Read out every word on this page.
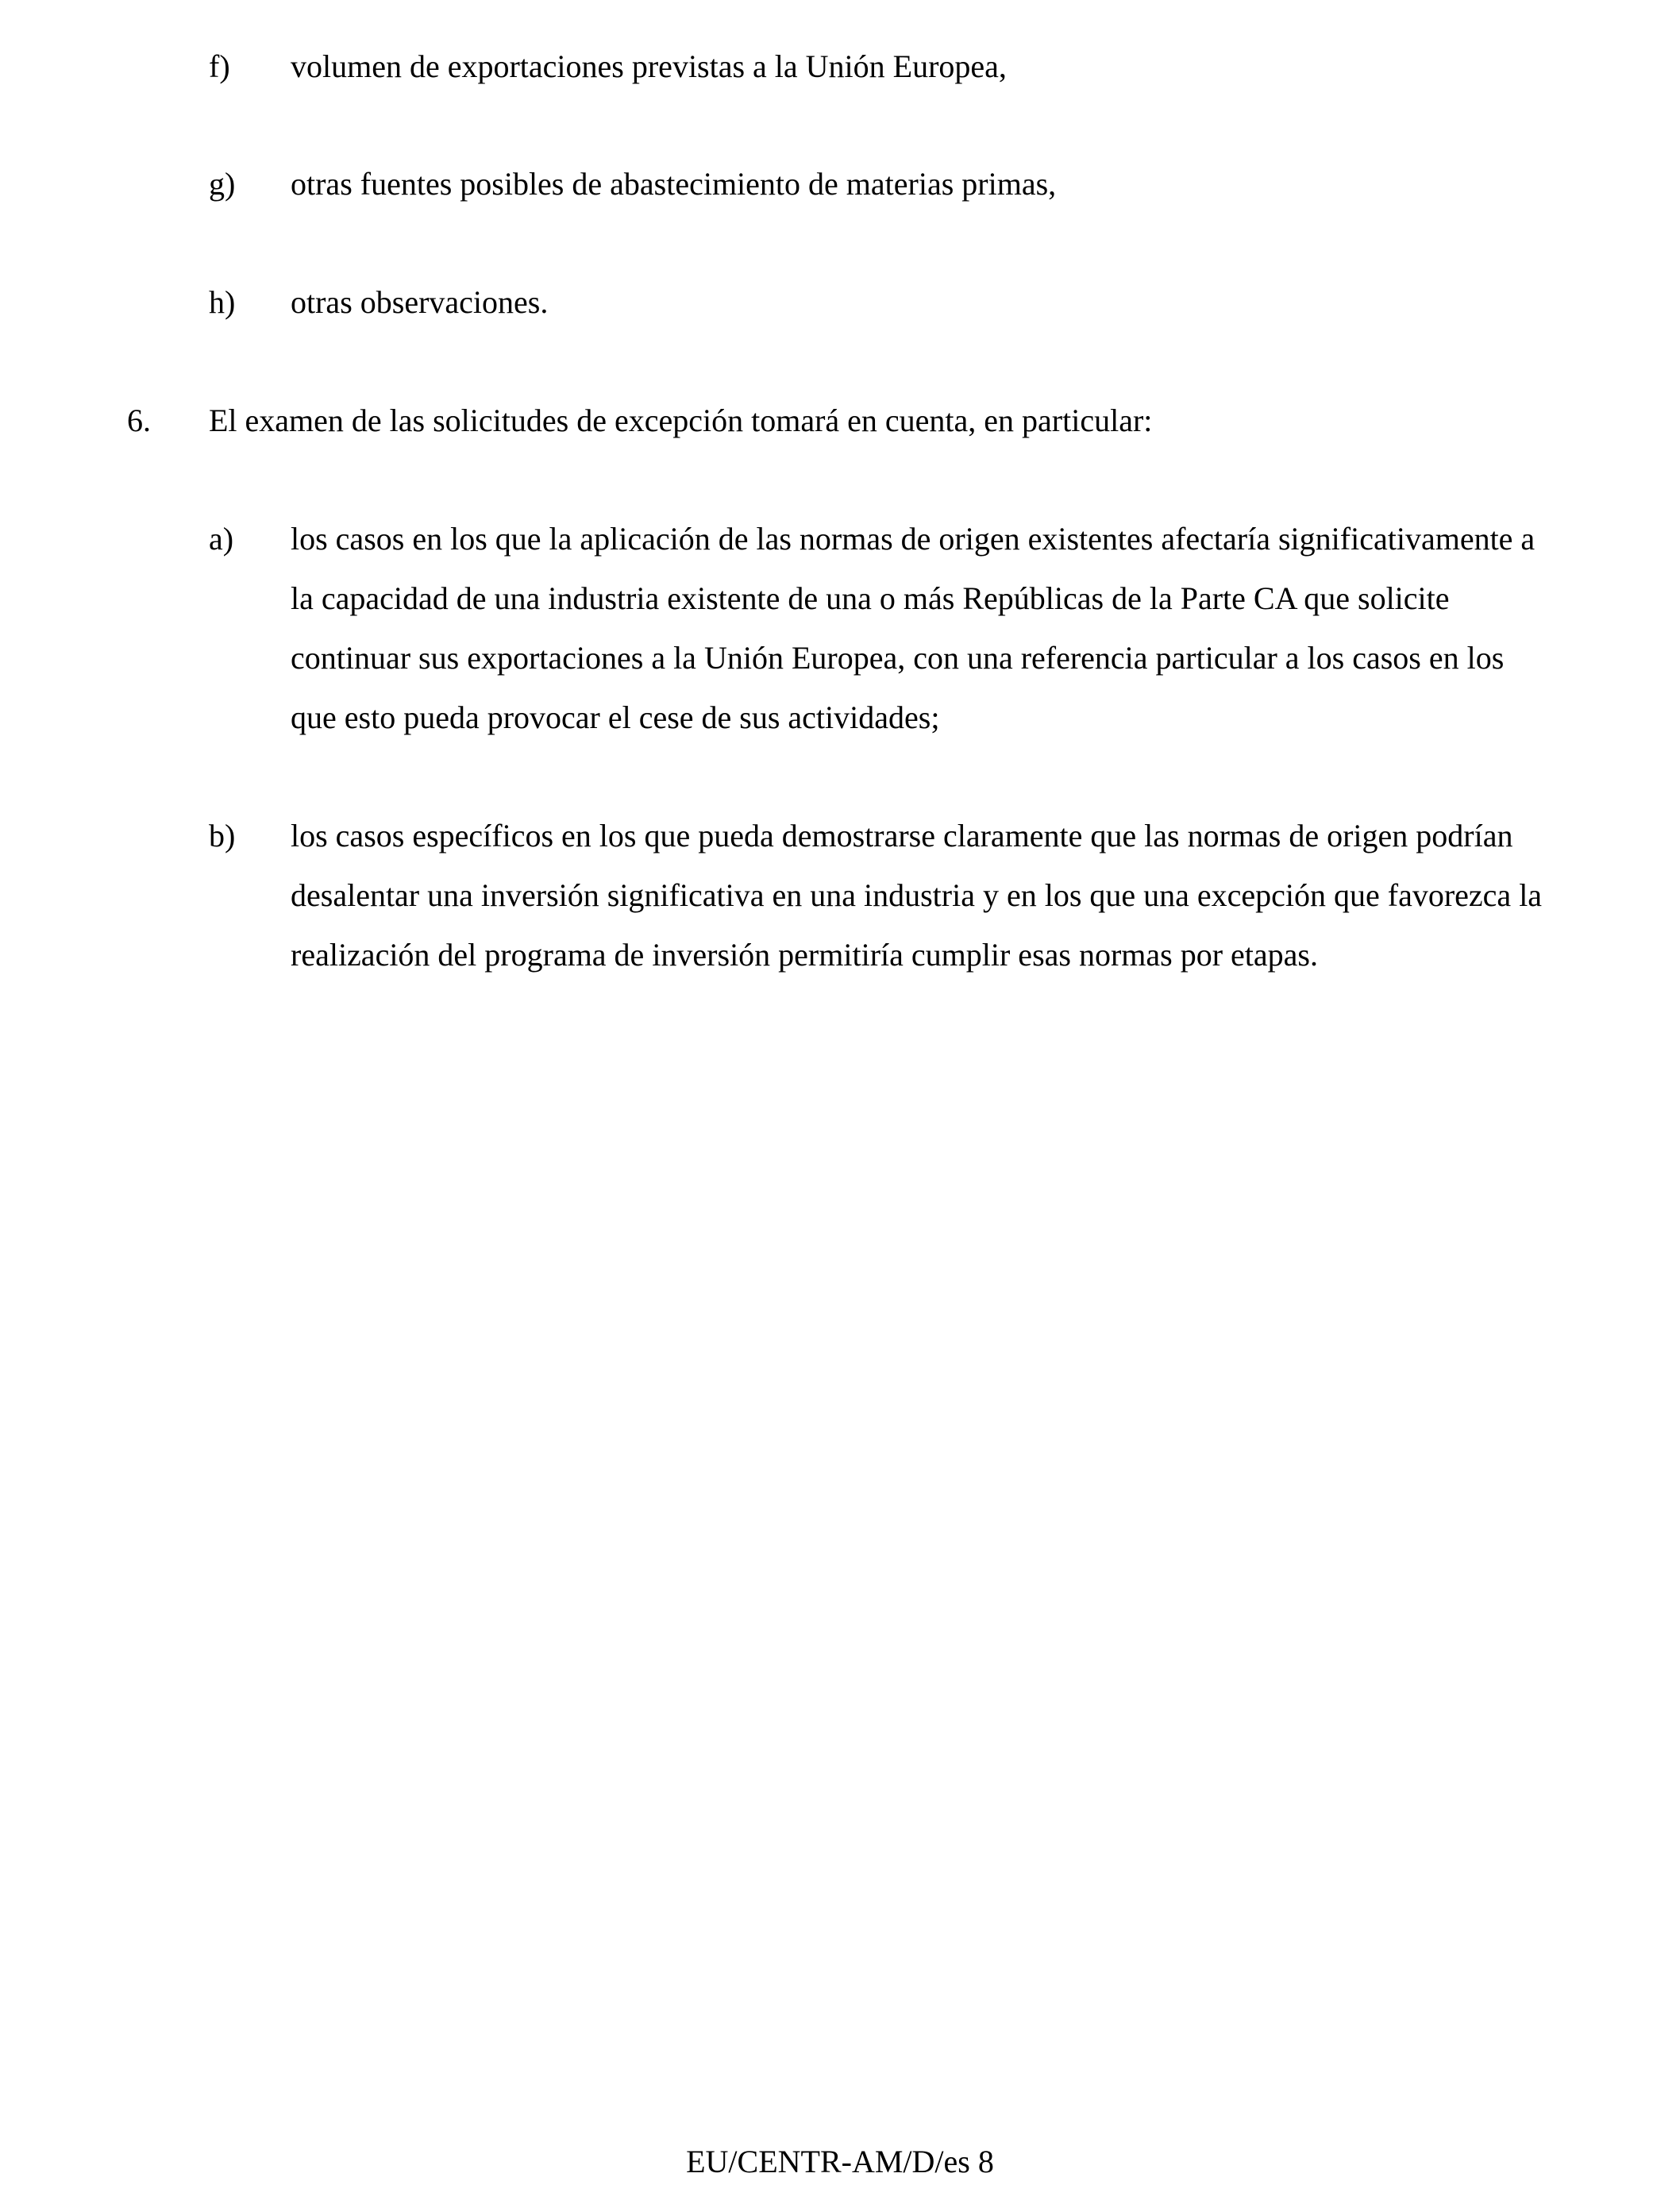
f) volumen de exportaciones previstas a la Unión Europea,
g) otras fuentes posibles de abastecimiento de materias primas,
h) otras observaciones.
6. El examen de las solicitudes de excepción tomará en cuenta, en particular:
a) los casos en los que la aplicación de las normas de origen existentes afectaría significativamente a la capacidad de una industria existente de una o más Repúblicas de la Parte CA que solicite continuar sus exportaciones a la Unión Europea, con una referencia particular a los casos en los que esto pueda provocar el cese de sus actividades;
b) los casos específicos en los que pueda demostrarse claramente que las normas de origen podrían desalentar una inversión significativa en una industria y en los que una excepción que favorezca la realización del programa de inversión permitiría cumplir esas normas por etapas.
EU/CENTR-AM/D/es 8
